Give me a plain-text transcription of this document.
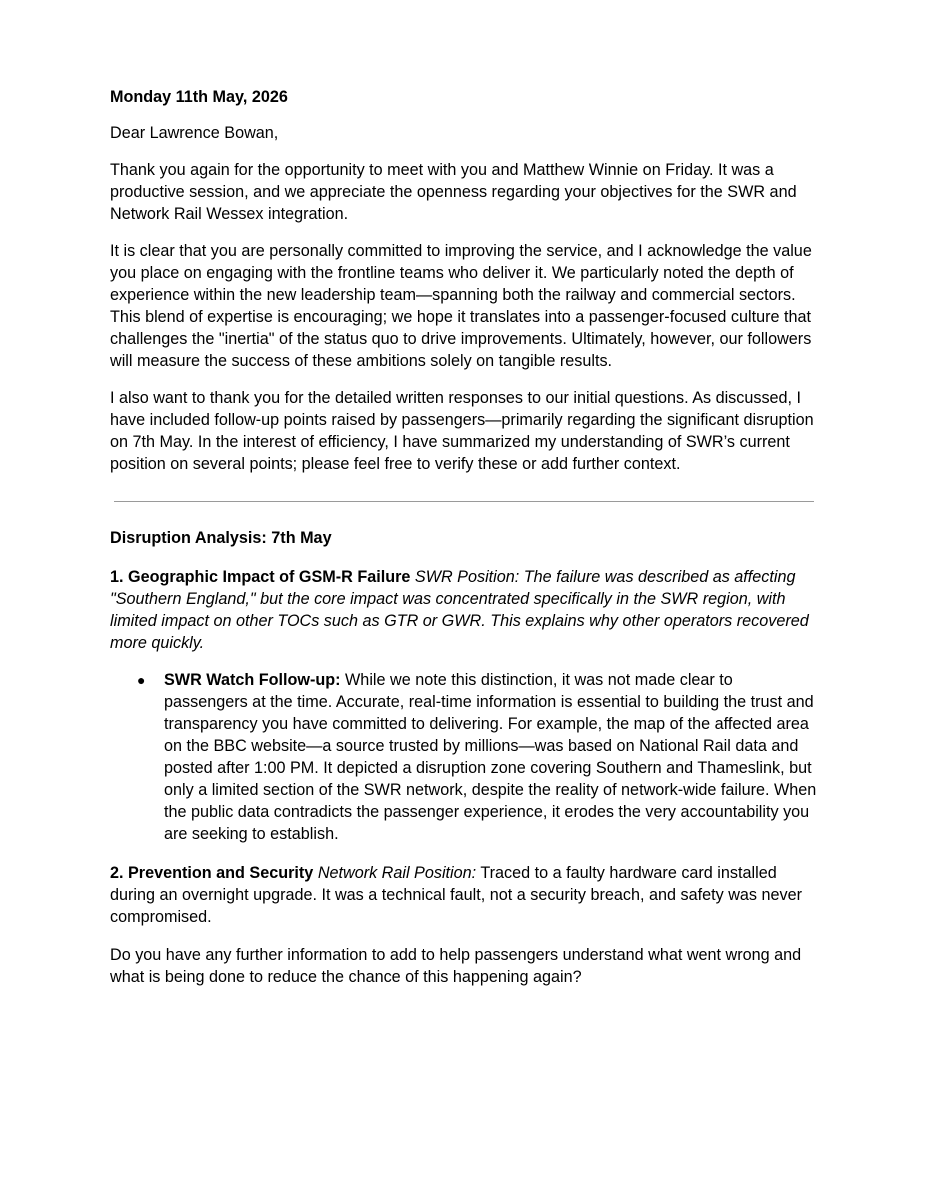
Monday 11th May, 2026

Dear Lawrence Bowan,

Thank you again for the opportunity to meet with you and Matthew Winnie on Friday. It was a productive session, and we appreciate the openness regarding your objectives for the SWR and Network Rail Wessex integration.

It is clear that you are personally committed to improving the service, and I acknowledge the value you place on engaging with the frontline teams who deliver it. We particularly noted the depth of experience within the new leadership team—spanning both the railway and commercial sectors. This blend of expertise is encouraging; we hope it translates into a passenger-focused culture that challenges the "inertia" of the status quo to drive improvements. Ultimately, however, our followers will measure the success of these ambitions solely on tangible results.

I also want to thank you for the detailed written responses to our initial questions. As discussed, I have included follow-up points raised by passengers—primarily regarding the significant disruption on 7th May. In the interest of efficiency, I have summarized my understanding of SWR’s current position on several points; please feel free to verify these or add further context.

Disruption Analysis: 7th May

1. Geographic Impact of GSM-R Failure SWR Position: The failure was described as affecting "Southern England," but the core impact was concentrated specifically in the SWR region, with limited impact on other TOCs such as GTR or GWR. This explains why other operators recovered more quickly.

● SWR Watch Follow-up: While we note this distinction, it was not made clear to passengers at the time. Accurate, real-time information is essential to building the trust and transparency you have committed to delivering. For example, the map of the affected area on the BBC website—a source trusted by millions—was based on National Rail data and posted after 1:00 PM. It depicted a disruption zone covering Southern and Thameslink, but only a limited section of the SWR network, despite the reality of network-wide failure. When the public data contradicts the passenger experience, it erodes the very accountability you are seeking to establish.

2. Prevention and Security Network Rail Position: Traced to a faulty hardware card installed during an overnight upgrade. It was a technical fault, not a security breach, and safety was never compromised.

Do you have any further information to add to help passengers understand what went wrong and what is being done to reduce the chance of this happening again?
